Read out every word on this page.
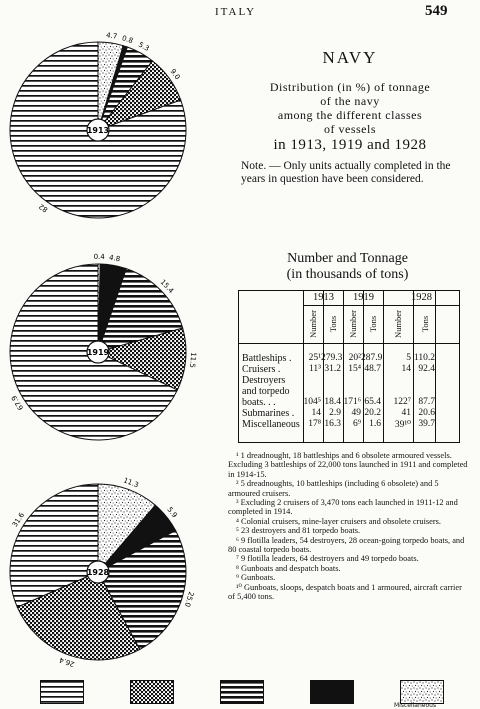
ITALY	549
82
9.0
5.3
0.8
4.7
1913
67.9
11.5
15.4
4.8
0.4
1919
31.6
26.4
25.0
5.9
11.3
1928
NAVY
Distribution (in %) of tonnage
of the navy
among the different classes
of vessels
in 1913, 1919 and 1928
Note. — Only units actually completed in the years in question have been considered.
Number and Tonnage
(in thousands of tons)
1913 1919	1928
Number Tons Number Tons Number Tons
Battleships .	25¹ 279.3 20² 287.9	5 110.2
Cruisers .	11³ 31.2 15⁴ 48.7	14 92.4
Destroyers
and torpedo
boats. . .	104⁵ 18.4 171⁶ 65.4	122⁷ 87.7
Submarines .	14 2.9	49 20.2	41 20.6
Miscellaneous 17⁸ 16.3	6⁹ 1.6	39¹⁰ 39.7

¹ 1 dreadnought, 18 battleships and 6 obsolete armoured vessels. Excluding 3 battleships of 22,000 tons launched in 1911 and completed in 1914-15.

² 5 dreadnoughts, 10 battleships (including 6 obsolete) and 5 armoured cruisers.

³ Excluding 2 cruisers of 3,470 tons each launched in 1911-12 and completed in 1914.

⁴ Colonial cruisers, mine-layer cruisers and obsolete cruisers.

⁵ 23 destroyers and 81 torpedo boats.

⁶ 9 flotilla leaders, 54 destroyers, 28 ocean-going torpedo boats, and 80 coastal torpedo boats.

⁷ 9 flotilla leaders, 64 destroyers and 49 torpedo boats.

⁸ Gunboats and despatch boats.

⁹ Gunboats.

¹⁰ Gunboats, sloops, despatch boats and 1 armoured, aircraft carrier of 5,400 tons.

Miscellaneous
